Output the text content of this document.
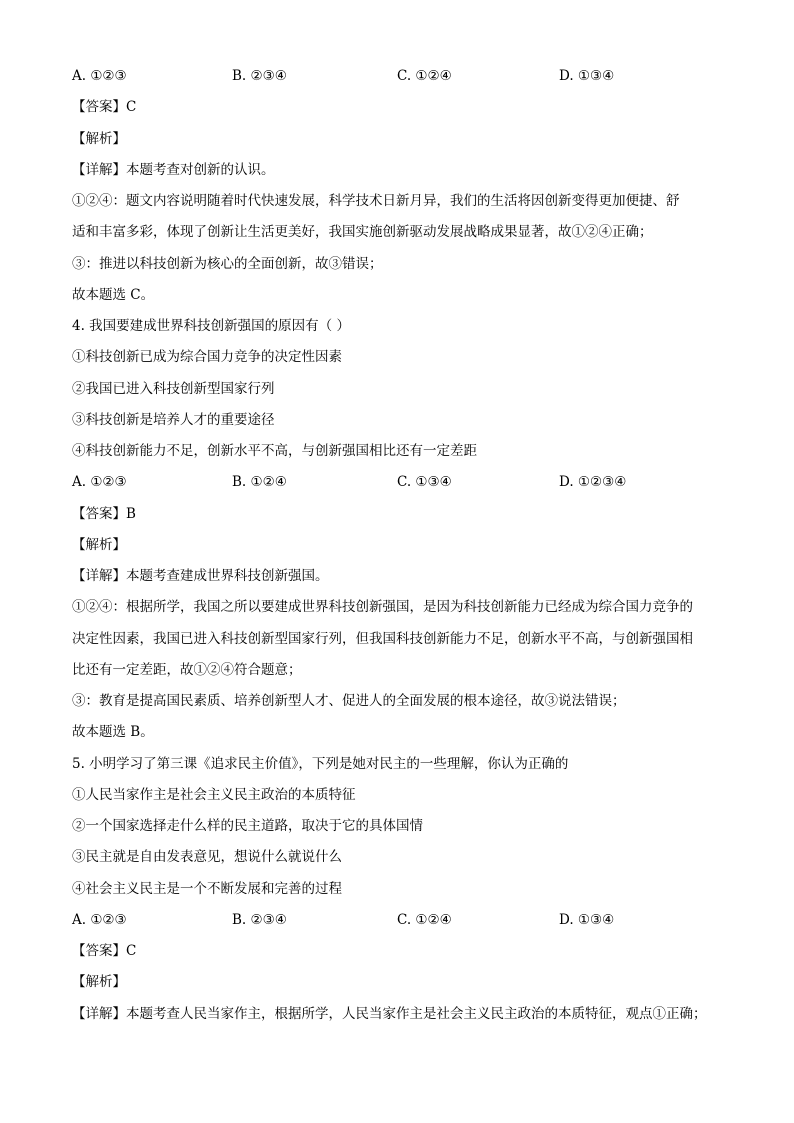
A. ①②③	B. ②③④	C. ①②④	D. ①③④
【答案】C
【解析】
【详解】本题考查对创新的认识。
①②④：题文内容说明随着时代快速发展，科学技术日新月异，我们的生活将因创新变得更加便捷、舒
适和丰富多彩，体现了创新让生活更美好，我国实施创新驱动发展战略成果显著，故①②④正确；
③：推进以科技创新为核心的全面创新，故③错误；
故本题选 C。
4. 我国要建成世界科技创新强国的原因有（ ）
①科技创新已成为综合国力竞争的决定性因素
②我国已进入科技创新型国家行列
③科技创新是培养人才的重要途径
④科技创新能力不足，创新水平不高，与创新强国相比还有一定差距
A. ①②③	B. ①②④	C. ①③④	D. ①②③④
【答案】B
【解析】
【详解】本题考查建成世界科技创新强国。
①②④：根据所学，我国之所以要建成世界科技创新强国，是因为科技创新能力已经成为综合国力竞争的
决定性因素，我国已进入科技创新型国家行列，但我国科技创新能力不足，创新水平不高，与创新强国相
比还有一定差距，故①②④符合题意；
③：教育是提高国民素质、培养创新型人才、促进人的全面发展的根本途径，故③说法错误；
故本题选 B。
5. 小明学习了第三课《追求民主价值》，下列是她对民主的一些理解，你认为正确的
①人民当家作主是社会主义民主政治的本质特征
②一个国家选择走什么样的民主道路，取决于它的具体国情
③民主就是自由发表意见，想说什么就说什么
④社会主义民主是一个不断发展和完善的过程
A. ①②③	B. ②③④	C. ①②④	D. ①③④
【答案】C
【解析】
【详解】本题考查人民当家作主，根据所学，人民当家作主是社会主义民主政治的本质特征，观点①正确；
